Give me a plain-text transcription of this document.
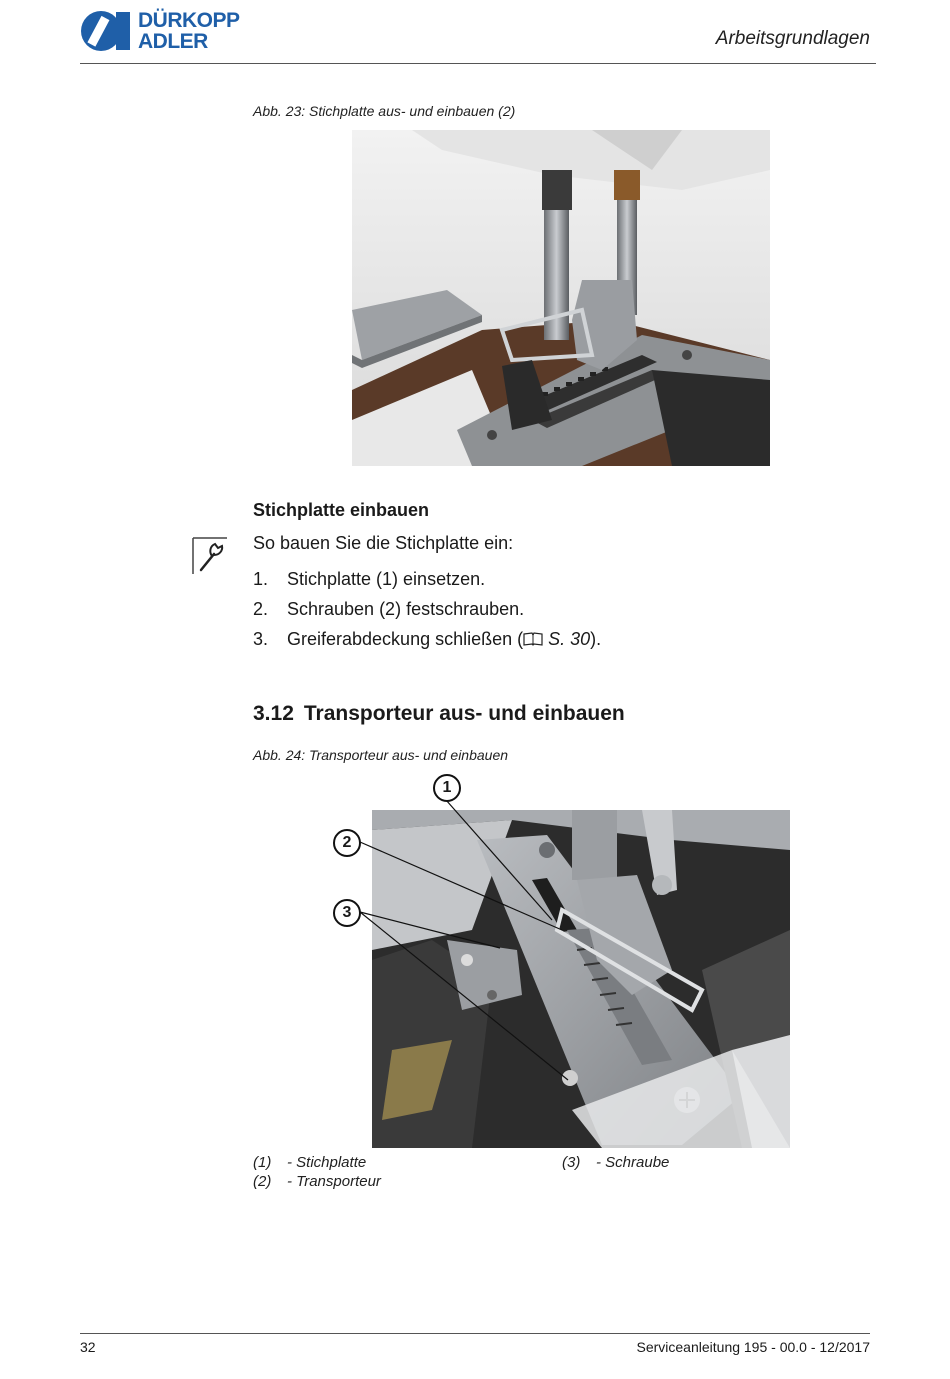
DÜRKOPP
ADLER	Arbeitsgrundlagen
Abb. 23: Stichplatte aus- und einbauen (2)
Stichplatte einbauen
So bauen Sie die Stichplatte ein:
1. Stichplatte (1) einsetzen.
2. Schrauben (2) festschrauben.
3. Greiferabdeckung schließen ( S. 30).
3.12 Transporteur aus- und einbauen
Abb. 24: Transporteur aus- und einbauen
1
2
3
(1) - Stichplatte
(2) - Transporteur
(3) - Schraube
32	Serviceanleitung 195 - 00.0 - 12/2017
